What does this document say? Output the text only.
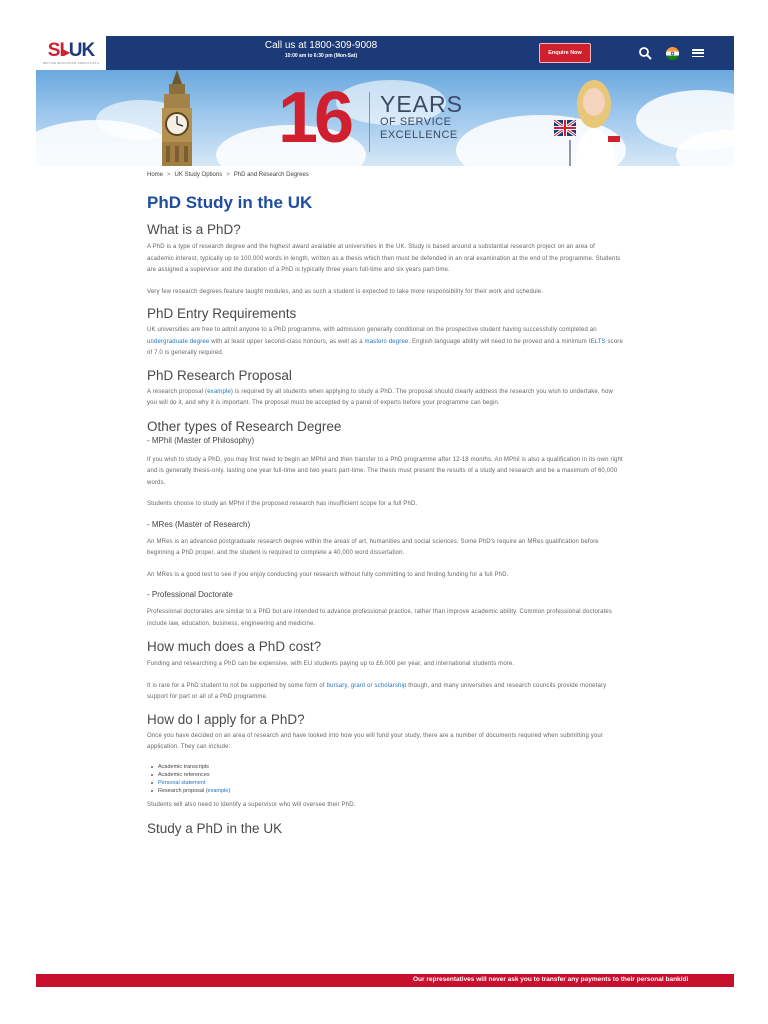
SI▸UK
BRITISH EDUCATION SPECIALISTS
Call us at 1800-309-9008
10:00 am to 6:30 pm (Mon-Sat)	Enquire Now
16 YEARS
OF SERVICE
EXCELLENCE
Home > UK Study Options > PhD and Research Degrees
PhD Study in the UK
What is a PhD?

A PhD is a type of research degree and the highest award available at universities in the UK. Study is based around a substantial research project on an area of academic interest, typically up to 100,000 words in length, written as a thesis which then must be defended in an oral examination at the end of the programme. Students are assigned a supervisor and the duration of a PhD is typically three years full-time and six years part-time.

Very few research degrees feature taught modules, and as such a student is expected to take more responsibility for their work and schedule.

PhD Entry Requirements

UK universities are free to admit anyone to a PhD programme, with admission generally conditional on the prospective student having successfully completed an undergraduate degree with at least upper second-class honours, as well as a masters degree. English language ability will need to be proved and a minimum IELTS score of 7.0 is generally required.

PhD Research Proposal

A research proposal (example) is required by all students when applying to study a PhD. The proposal should clearly address the research you wish to undertake, how you will do it, and why it is important. The proposal must be accepted by a panel of experts before your programme can begin.

Other types of Research Degree
- MPhil (Master of Philosophy)

If you wish to study a PhD, you may first need to begin an MPhil and then transfer to a PhD programme after 12-18 months. An MPhil is also a qualification in its own right and is generally thesis-only, lasting one year full-time and two years part-time. The thesis must present the results of a study and research and be a maximum of 60,000 words.

Students choose to study an MPhil if the proposed research has insufficient scope for a full PhD.

- MRes (Master of Research)

An MRes is an advanced postgraduate research degree within the areas of art, humanities and social sciences. Some PhD's require an MRes qualification before beginning a PhD proper, and the student is required to complete a 40,000 word dissertation.

An MRes is a good test to see if you enjoy conducting your research without fully committing to and finding funding for a full PhD.

- Professional Doctorate

Professional doctorates are similar to a PhD but are intended to advance professional practice, rather than improve academic ability. Common professional doctorates include law, education, business, engineering and medicine.

How much does a PhD cost?

Funding and researching a PhD can be expensive, with EU students paying up to £6,000 per year, and international students more.

It is rare for a PhD student to not be supported by some form of bursary, grant or scholarship though, and many universities and research councils provide monetary support for part or all of a PhD programme.

How do I apply for a PhD?

Once you have decided on an area of research and have looked into how you will fund your study, there are a number of documents required when submitting your application. They can include:

Academic transcripts
Academic references
Personal statement
Research proposal (example)

Students will also need to identify a supervisor who will oversee their PhD.

Study a PhD in the UK
Our representatives will never ask you to transfer any payments to their personal bank/di
